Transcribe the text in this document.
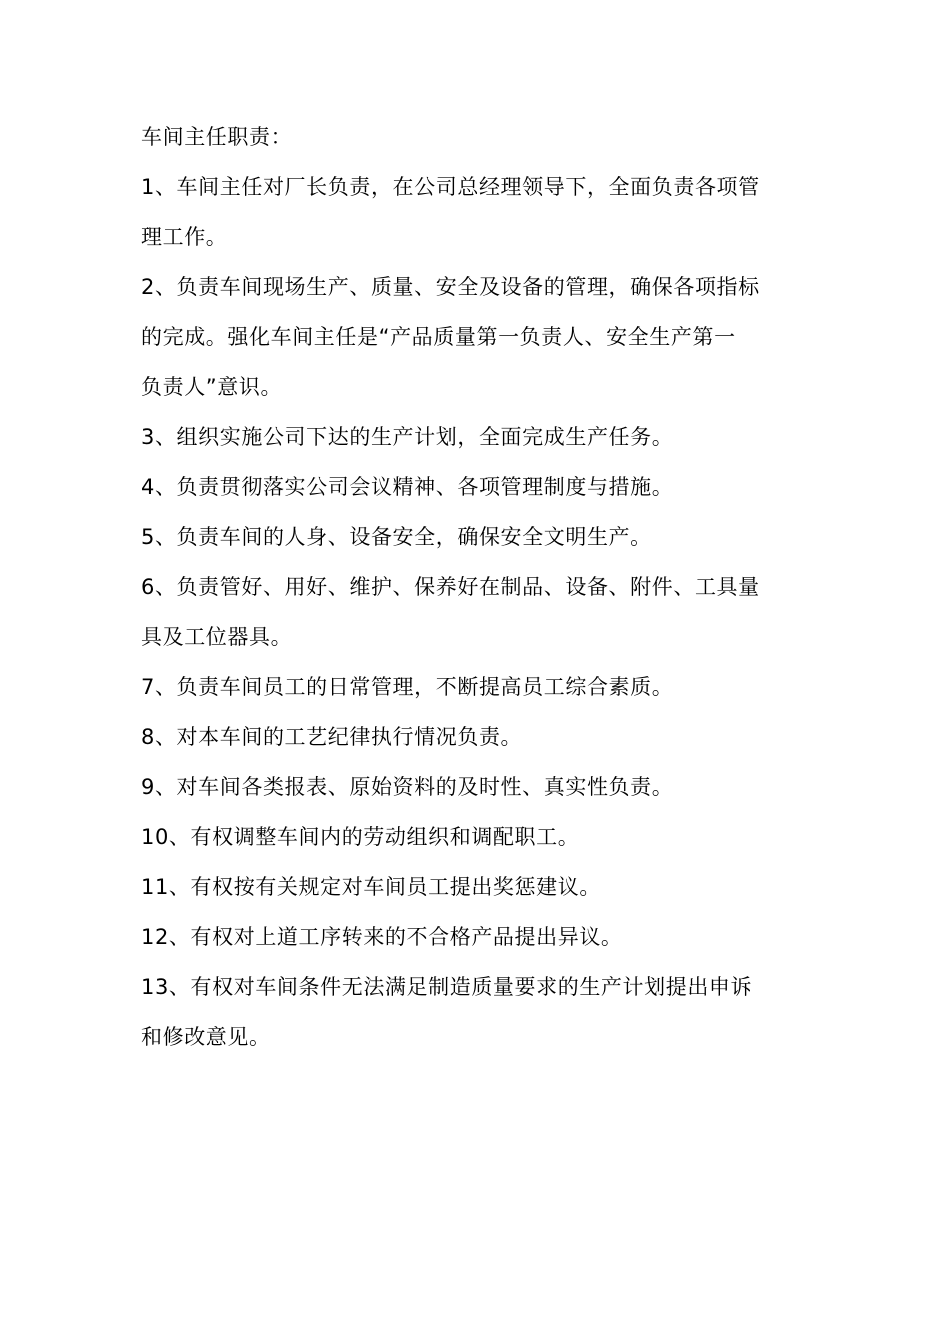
车间主任职责：
1、车间主任对厂长负责，在公司总经理领导下，全面负责各项管
理工作。
2、负责车间现场生产、质量、安全及设备的管理，确保各项指标
的完成。强化车间主任是“产品质量第一负责人、安全生产第一
负责人”意识。
3、组织实施公司下达的生产计划，全面完成生产任务。
4、负责贯彻落实公司会议精神、各项管理制度与措施。
5、负责车间的人身、设备安全，确保安全文明生产。
6、负责管好、用好、维护、保养好在制品、设备、附件、工具量
具及工位器具。
7、负责车间员工的日常管理，不断提高员工综合素质。
8、对本车间的工艺纪律执行情况负责。
9、对车间各类报表、原始资料的及时性、真实性负责。
10、有权调整车间内的劳动组织和调配职工。
11、有权按有关规定对车间员工提出奖惩建议。
12、有权对上道工序转来的不合格产品提出异议。
13、有权对车间条件无法满足制造质量要求的生产计划提出申诉
和修改意见。
